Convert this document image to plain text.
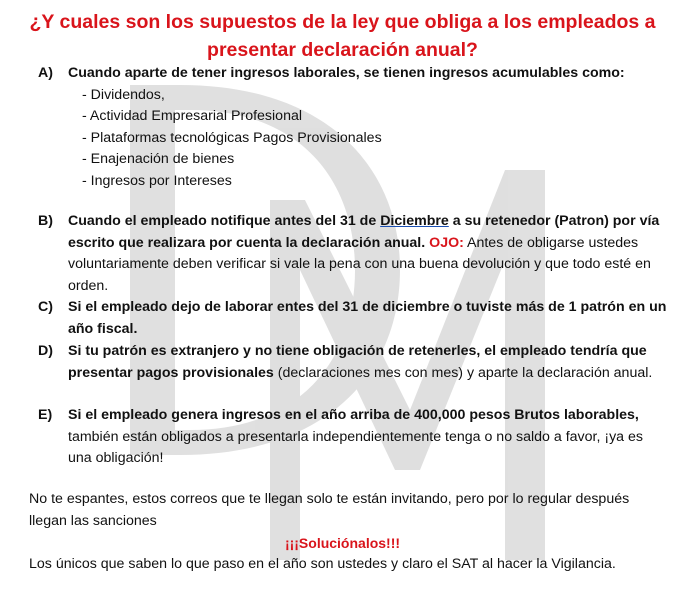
¿Y cuales son los supuestos de la ley que obliga a los empleados a presentar declaración anual?
A) Cuando aparte de tener ingresos laborales, se tienen ingresos acumulables como:
- Dividendos,
- Actividad Empresarial Profesional
- Plataformas tecnológicas Pagos Provisionales
- Enajenación de bienes
- Ingresos por Intereses
B) Cuando el empleado notifique antes del 31 de Diciembre a su retenedor (Patron) por vía escrito que realizara por cuenta la declaración anual. OJO: Antes de obligarse ustedes voluntariamente deben verificar si vale la pena con una buena devolución y que todo esté en orden.
C) Si el empleado dejo de laborar entes del 31 de diciembre o tuviste más de 1 patrón en un año fiscal.
D) Si tu patrón es extranjero y no tiene obligación de retenerles, el empleado tendría que presentar pagos provisionales (declaraciones mes con mes) y aparte la declaración anual.
E) Si el empleado genera ingresos en el año arriba de 400,000 pesos Brutos laborables, también están obligados a presentarla independientemente tenga o no saldo a favor, ¡ya es una obligación!
No te espantes, estos correos que te llegan solo te están invitando, pero por lo regular después llegan las sanciones
¡¡¡Soluciónalos!!!
Los únicos que saben lo que paso en el año son ustedes y claro el SAT al hacer la Vigilancia.
